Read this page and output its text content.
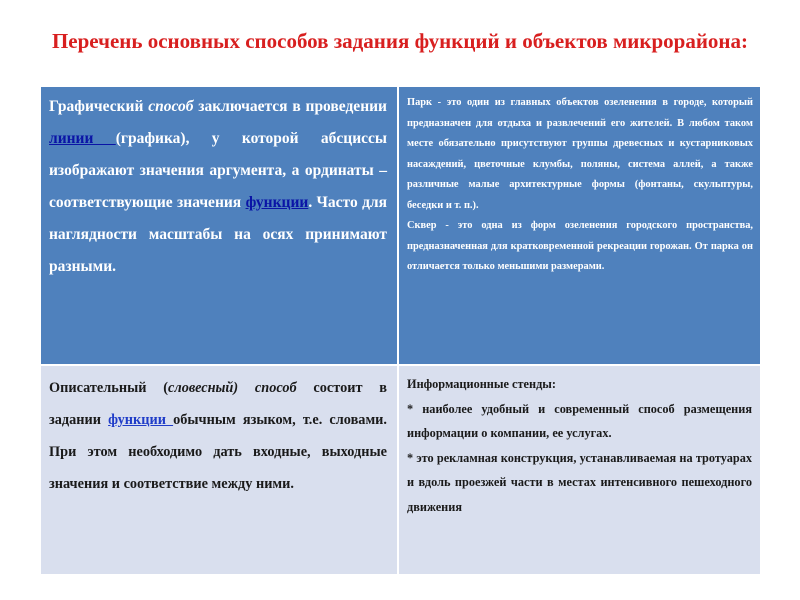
Перечень основных способов задания функций и объектов микрорайона:
Графический способ заключается в проведении линии (графика), у которой абсциссы изображают значения аргумента, а ординаты – соответствующие значения функции. Часто для наглядности масштабы на осях принимают разными.

Парк - это один из главных объектов озеленения в городе, который предназначен для отдыха и развлечений его жителей. В любом таком месте обязательно присутствуют группы древесных и кустарниковых насаждений, цветочные клумбы, поляны, система аллей, а также различные малые архитектурные формы (фонтаны, скульптуры, беседки и т. п.).

Сквер - это одна из форм озеленения городского пространства, предназначенная для кратковременной рекреации горожан. От парка он отличается только меньшими размерами.

Описательный (словесный) способ состоит в задании функции обычным языком, т.е. словами. При этом необходимо дать входные, выходные значения и соответствие между ними.

Информационные стенды:

* наиболее удобный и современный способ размещения информации о компании, ее услугах.

* это рекламная конструкция, устанавливаемая на тротуарах и вдоль проезжей части в местах интенсивного пешеходного движения
